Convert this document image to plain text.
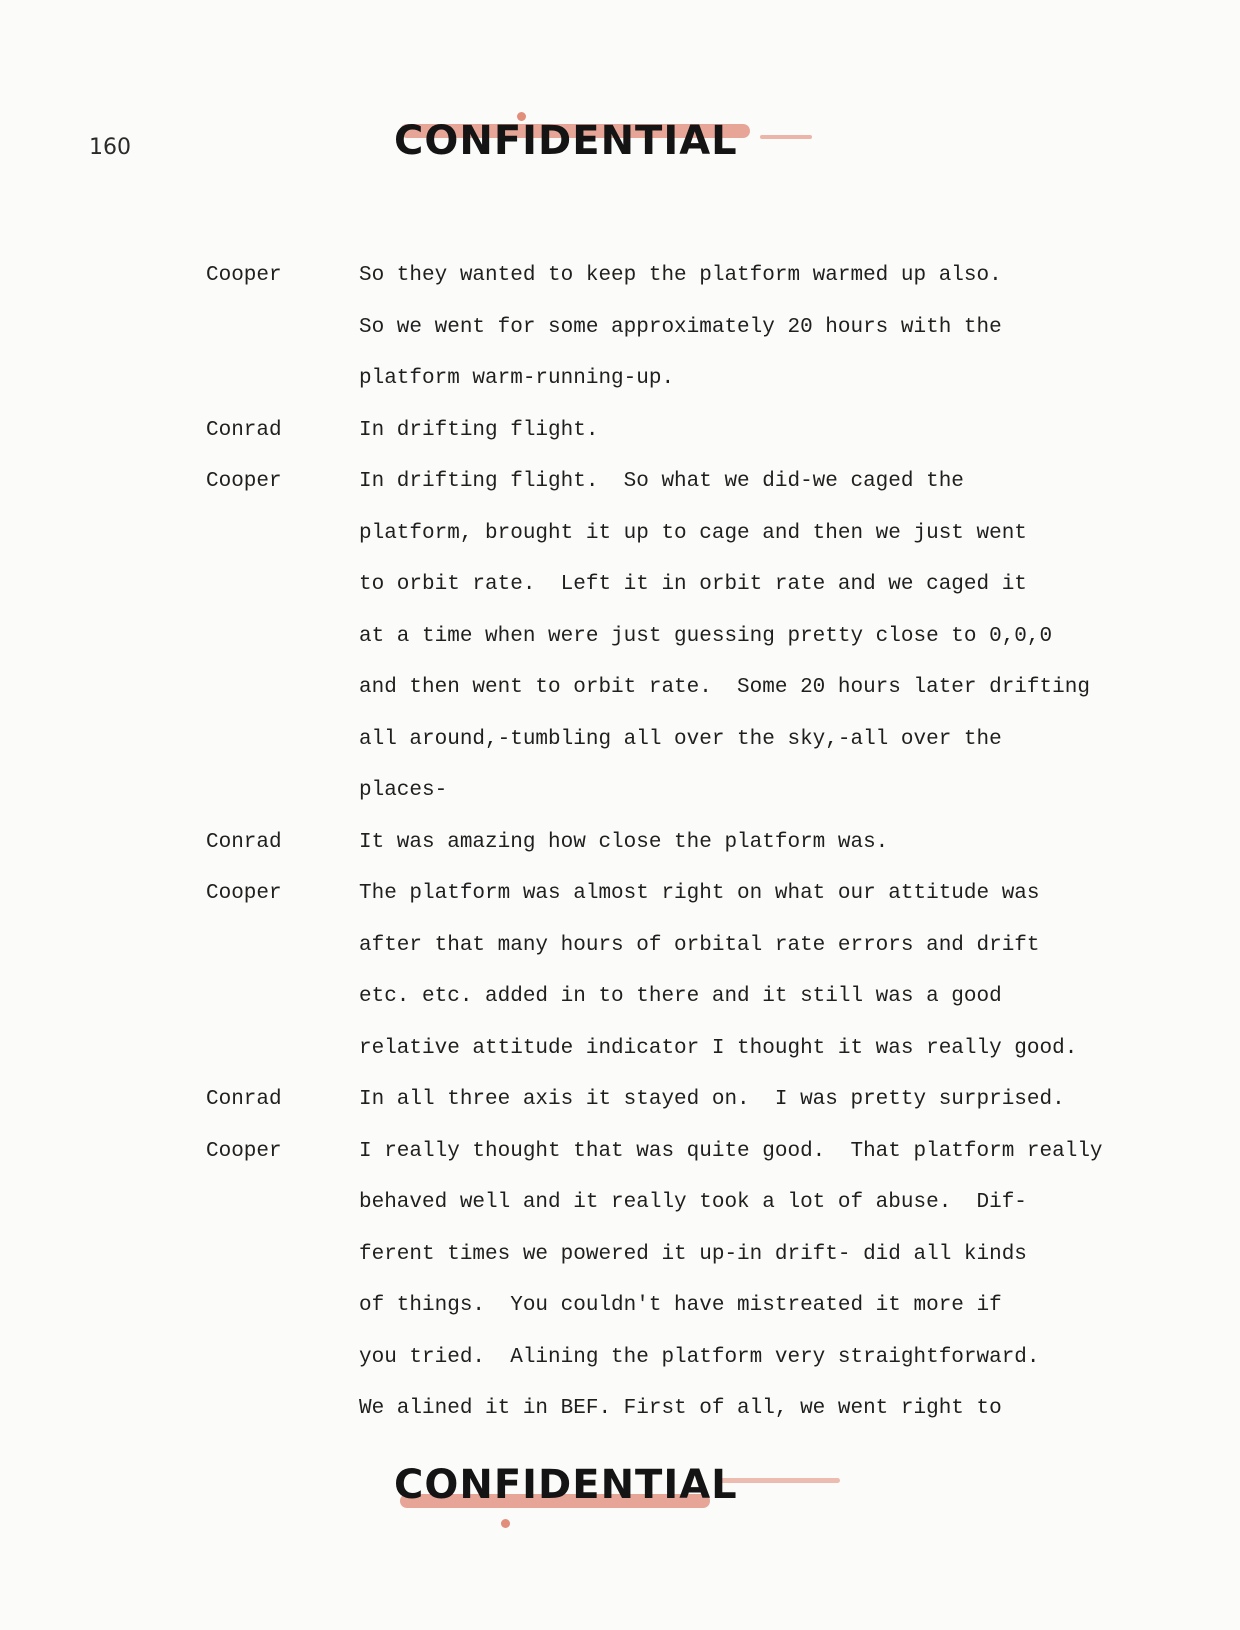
160	CONFIDENTIAL
Cooper	So they wanted to keep the platform warmed up also.
So we went for some approximately 20 hours with the
platform warm-running-up.
Conrad	In drifting flight.
Cooper	In drifting flight.  So what we did-we caged the
platform, brought it up to cage and then we just went
to orbit rate.  Left it in orbit rate and we caged it
at a time when were just guessing pretty close to 0,0,0
and then went to orbit rate.  Some 20 hours later drifting
all around,-tumbling all over the sky,-all over the
places-
Conrad	It was amazing how close the platform was.
Cooper	The platform was almost right on what our attitude was
after that many hours of orbital rate errors and drift
etc. etc. added in to there and it still was a good
relative attitude indicator I thought it was really good.
Conrad	In all three axis it stayed on.  I was pretty surprised.
Cooper	I really thought that was quite good.  That platform really
behaved well and it really took a lot of abuse.  Dif-
ferent times we powered it up-in drift- did all kinds
of things.  You couldn't have mistreated it more if
you tried.  Alining the platform very straightforward.
We alined it in BEF. First of all, we went right to
CONFIDENTIAL
